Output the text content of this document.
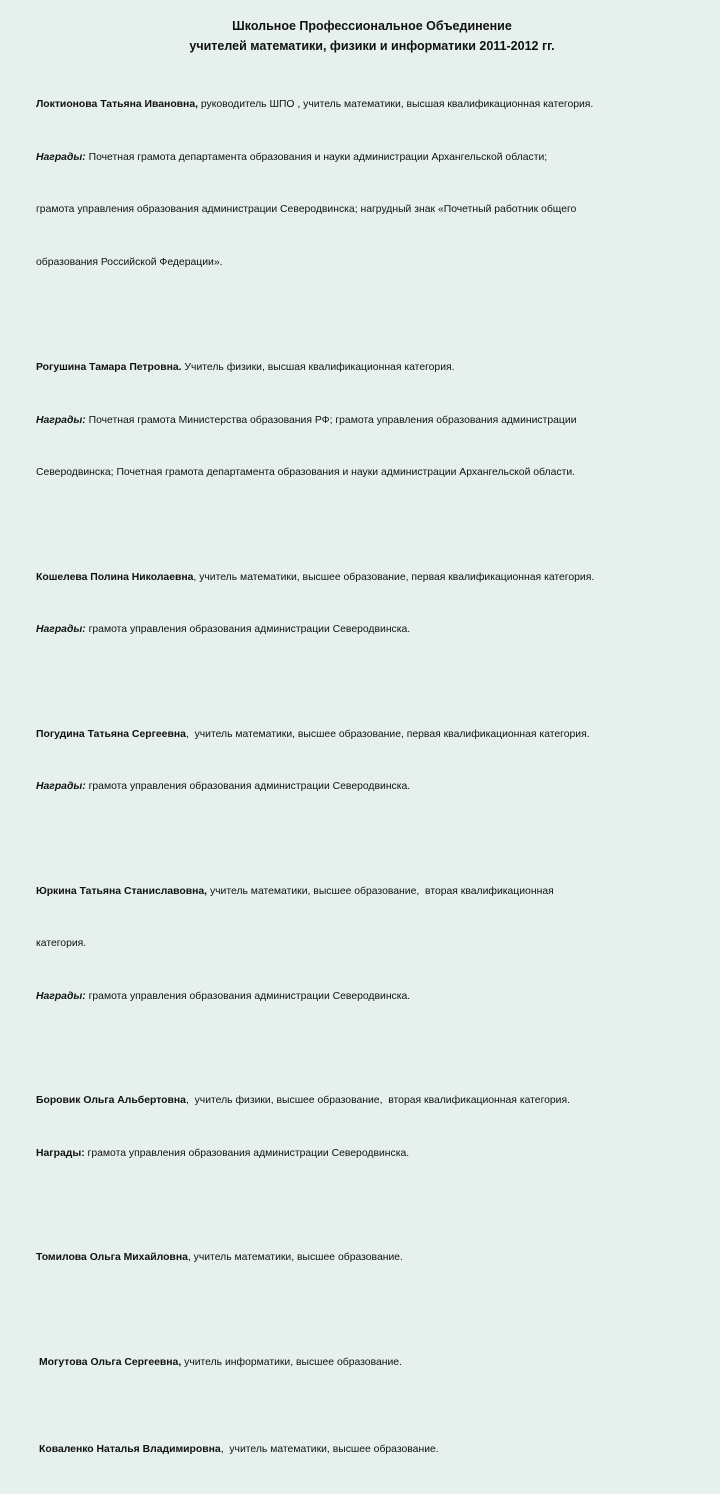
Школьное Профессиональное Объединение
учителей математики, физики и информатики 2011-2012 гг.

Локтионова Татьяна Ивановна, руководитель ШПО , учитель математики, высшая квалификационная категория.

Награды: Почетная грамота департамента образования и науки администрации Архангельской области;

грамота управления образования администрации Северодвинска; нагрудный знак «Почетный работник общего

образования Российской Федерации».

Рогушина Тамара Петровна. Учитель физики, высшая квалификационная категория.

Награды: Почетная грамота Министерства образования РФ; грамота управления образования администрации

Северодвинска; Почетная грамота департамента образования и науки администрации Архангельской области.

Кошелева Полина Николаевна, учитель математики, высшее образование, первая квалификационная категория.

Награды: грамота управления образования администрации Северодвинска.

Погудина Татьяна Сергеевна,  учитель математики, высшее образование, первая квалификационная категория.

Награды: грамота управления образования администрации Северодвинска.

Юркина Татьяна Станиславовна, учитель математики, высшее образование,  вторая квалификационная

категория.

Награды: грамота управления образования администрации Северодвинска.

Боровик Ольга Альбертовна,  учитель физики, высшее образование,  вторая квалификационная категория.

Награды: грамота управления образования администрации Северодвинска.

Томилова Ольга Михайловна, учитель математики, высшее образование.

Могутова Ольга Сергеевна, учитель информатики, высшее образование.

Коваленко Наталья Владимировна,  учитель математики, высшее образование.
